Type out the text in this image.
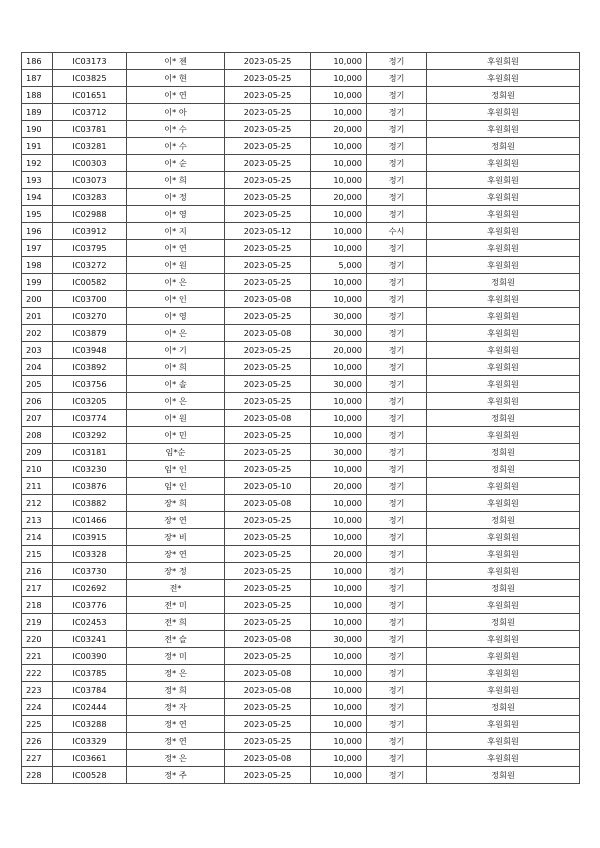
186	IC03173	이* 젠	2023-05-25	10,000	정기	후원회원
187	IC03825	이* 현	2023-05-25	10,000	정기	후원회원
188	IC01651	이* 연	2023-05-25	10,000	정기	정회원
189	IC03712	이* 아	2023-05-25	10,000	정기	후원회원
190	IC03781	이* 수	2023-05-25	20,000	정기	후원회원
191	IC03281	이* 수	2023-05-25	10,000	정기	정회원
192	IC00303	이* 순	2023-05-25	10,000	정기	후원회원
193	IC03073	이* 희	2023-05-25	10,000	정기	후원회원
194	IC03283	이* 정	2023-05-25	20,000	정기	후원회원
195	IC02988	이* 영	2023-05-25	10,000	정기	후원회원
196	IC03912	이* 지	2023-05-12	10,000	수시	후원회원
197	IC03795	이* 연	2023-05-25	10,000	정기	후원회원
198	IC03272	이* 원	2023-05-25	5,000	정기	후원회원
199	IC00582	이* 은	2023-05-25	10,000	정기	정회원
200	IC03700	이* 인	2023-05-08	10,000	정기	후원회원
201	IC03270	이* 영	2023-05-25	30,000	정기	후원회원
202	IC03879	이* 은	2023-05-08	30,000	정기	후원회원
203	IC03948	이* 기	2023-05-25	20,000	정기	후원회원
204	IC03892	이* 희	2023-05-25	10,000	정기	후원회원
205	IC03756	이* 솔	2023-05-25	30,000	정기	후원회원
206	IC03205	이* 은	2023-05-25	10,000	정기	후원회원
207	IC03774	이* 원	2023-05-08	10,000	정기	정회원
208	IC03292	이* 민	2023-05-25	10,000	정기	후원회원
209	IC03181	임*순	2023-05-25	30,000	정기	정회원
210	IC03230	임* 인	2023-05-25	10,000	정기	정회원
211	IC03876	임* 인	2023-05-10	20,000	정기	후원회원
212	IC03882	장* 희	2023-05-08	10,000	정기	후원회원
213	IC01466	장* 연	2023-05-25	10,000	정기	정회원
214	IC03915	장* 비	2023-05-25	10,000	정기	후원회원
215	IC03328	장* 연	2023-05-25	20,000	정기	후원회원
216	IC03730	장* 정	2023-05-25	10,000	정기	후원회원
217	IC02692	전*	2023-05-25	10,000	정기	정회원
218	IC03776	전* 미	2023-05-25	10,000	정기	후원회원
219	IC02453	전* 희	2023-05-25	10,000	정기	정회원
220	IC03241	전* 슬	2023-05-08	30,000	정기	후원회원
221	IC00390	정* 미	2023-05-25	10,000	정기	후원회원
222	IC03785	정* 은	2023-05-08	10,000	정기	후원회원
223	IC03784	정* 희	2023-05-08	10,000	정기	후원회원
224	IC02444	정* 자	2023-05-25	10,000	정기	정회원
225	IC03288	정* 연	2023-05-25	10,000	정기	후원회원
226	IC03329	정* 연	2023-05-25	10,000	정기	후원회원
227	IC03661	정* 은	2023-05-08	10,000	정기	후원회원
228	IC00528	정* 주	2023-05-25	10,000	정기	정회원
